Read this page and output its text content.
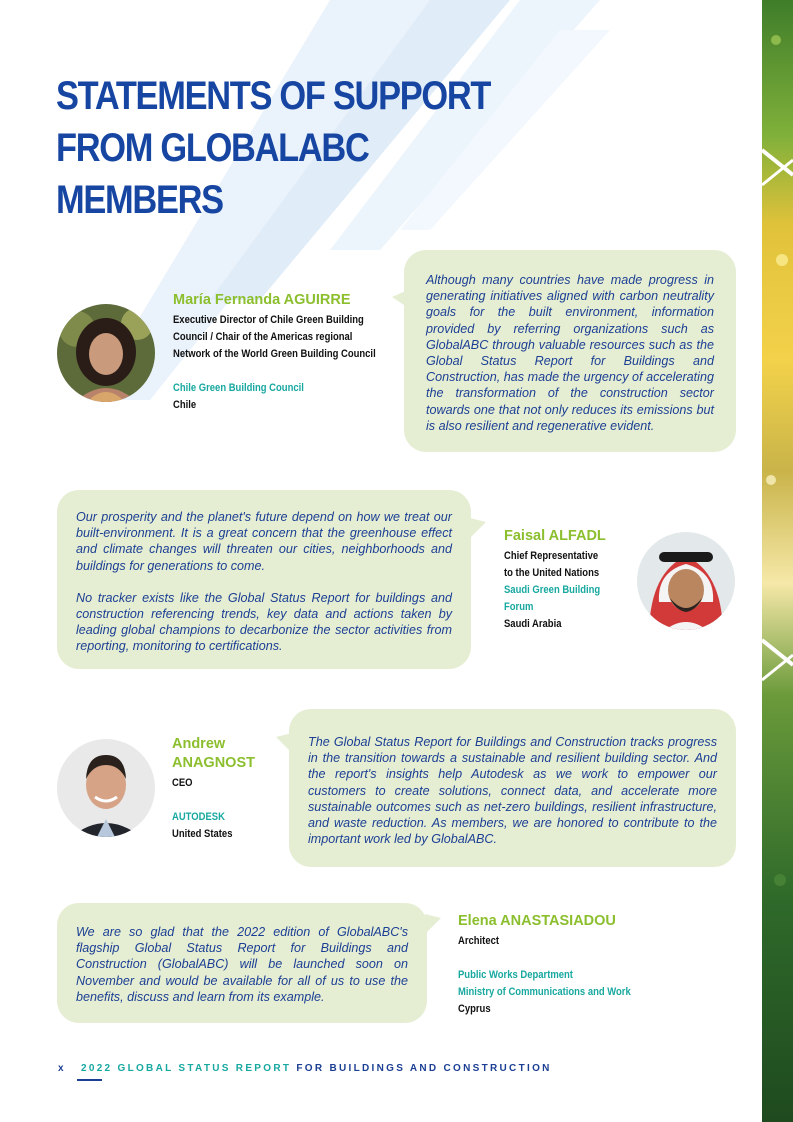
STATEMENTS OF SUPPORT
FROM GLOBALABC MEMBERS
María Fernanda AGUIRRE
Executive Director of Chile Green Building Council / Chair of the Americas regional Network of the World Green Building Council
Chile Green Building Council
Chile

Although many countries have made progress in generating initiatives aligned with carbon neutrality goals for the built environment, information provided by referring organizations such as GlobalABC through valuable resources such as the Global Status Report for Buildings and Construction, has made the urgency of accelerating the transformation of the construction sector towards one that not only reduces its emissions but is also resilient and regenerative evident.

Our prosperity and the planet's future depend on how we treat our built-environment. It is a great concern that the greenhouse effect and climate changes will threaten our cities, neighborhoods and buildings for generations to come.

No tracker exists like the Global Status Report for buildings and construction referencing trends, key data and actions taken by leading global champions to decarbonize the sector activities from reporting, monitoring to certifications.

Faisal ALFADL
Chief Representative
to the United Nations
Saudi Green Building
Forum
Saudi Arabia
Andrew
ANAGNOST
CEO
AUTODESK
United States

The Global Status Report for Buildings and Construction tracks progress in the transition towards a sustainable and resilient building sector. And the report's insights help Autodesk as we work to empower our customers to create solutions, connect data, and accelerate more sustainable outcomes such as net-zero buildings, resilient infrastructure, and waste reduction. As members, we are honored to contribute to the important work led by GlobalABC.

We are so glad that the 2022 edition of GlobalABC's flagship Global Status Report for Buildings and Construction (GlobalABC) will be launched soon on November and would be available for all of us to use the benefits, discuss and learn from its example.

Elena ANASTASIADOU
Architect
Public Works Department
Ministry of Communications and Work
Cyprus
x 2022 GLOBAL STATUS REPORT FOR BUILDINGS AND CONSTRUCTION
